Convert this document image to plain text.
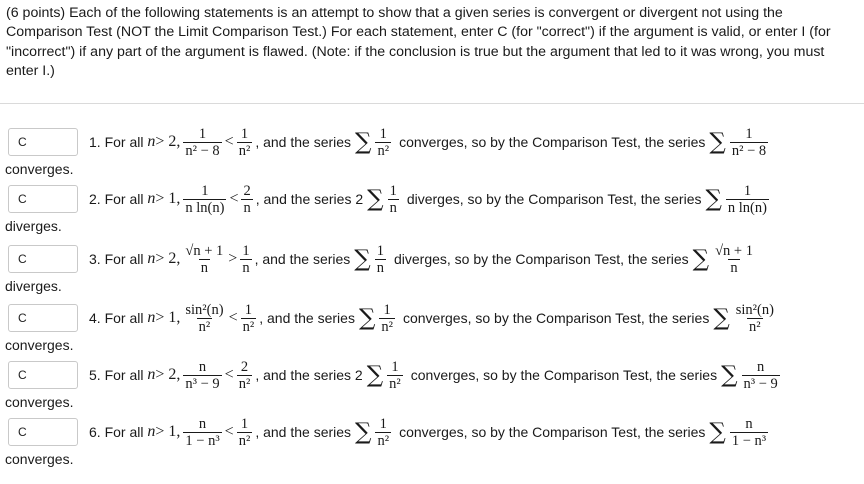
(6 points) Each of the following statements is an attempt to show that a given series is convergent or divergent not using the Comparison Test (NOT the Limit Comparison Test.) For each statement, enter C (for "correct") if the argument is valid, or enter I (for "incorrect") if any part of the argument is flawed. (Note: if the conclusion is true but the argument that led to it was wrong, you must enter I.)

C
1. For all
n > 2, $\frac{1}{\text{n² − 8}} < \frac{1}{\text{n²}}$ , and the series ∑ $\frac{1}{\text{n²}}$ converges, so by the Comparison Test, the series ∑ $\frac{1}{\text{n² − 8}}$
converges.
C
2. For all
n > 1, $\frac{1}{\text{n ln(n)}} < \frac{2}{n}$ , and the series 2 ∑ $\frac{1}{n}$ diverges, so by the Comparison Test, the series ∑ $\frac{1}{\text{n ln(n)}}$
diverges.
C
3. For all
n > 2, $\frac{√n + 1}{n} > \frac{1}{n}$ , and the series ∑ $\frac{1}{n}$ diverges, so by the Comparison Test, the series ∑ $\frac{√n + 1}{n}$
diverges.
C
4. For all
n > 1, $\frac{\text{sin²(n)}}{\text{n²}} < \frac{1}{\text{n²}}$ , and the series ∑ $\frac{1}{\text{n²}}$ converges, so by the Comparison Test, the series ∑ $\frac{\text{sin²(n)}}{\text{n²}}$
converges.
C
5. For all
n > 2, $\frac{n}{\text{n³ − 9}} < \frac{2}{\text{n²}}$ , and the series 2 ∑ $\frac{1}{\text{n²}}$ converges, so by the Comparison Test, the series ∑ $\frac{n}{\text{n³ − 9}}$
converges.
C
6. For all
n > 1, $\frac{n}{\text{1 − n³}} < \frac{1}{\text{n²}}$ , and the series ∑ $\frac{1}{\text{n²}}$ converges, so by the Comparison Test, the series ∑ $\frac{n}{\text{1 − n³}}$
converges.
